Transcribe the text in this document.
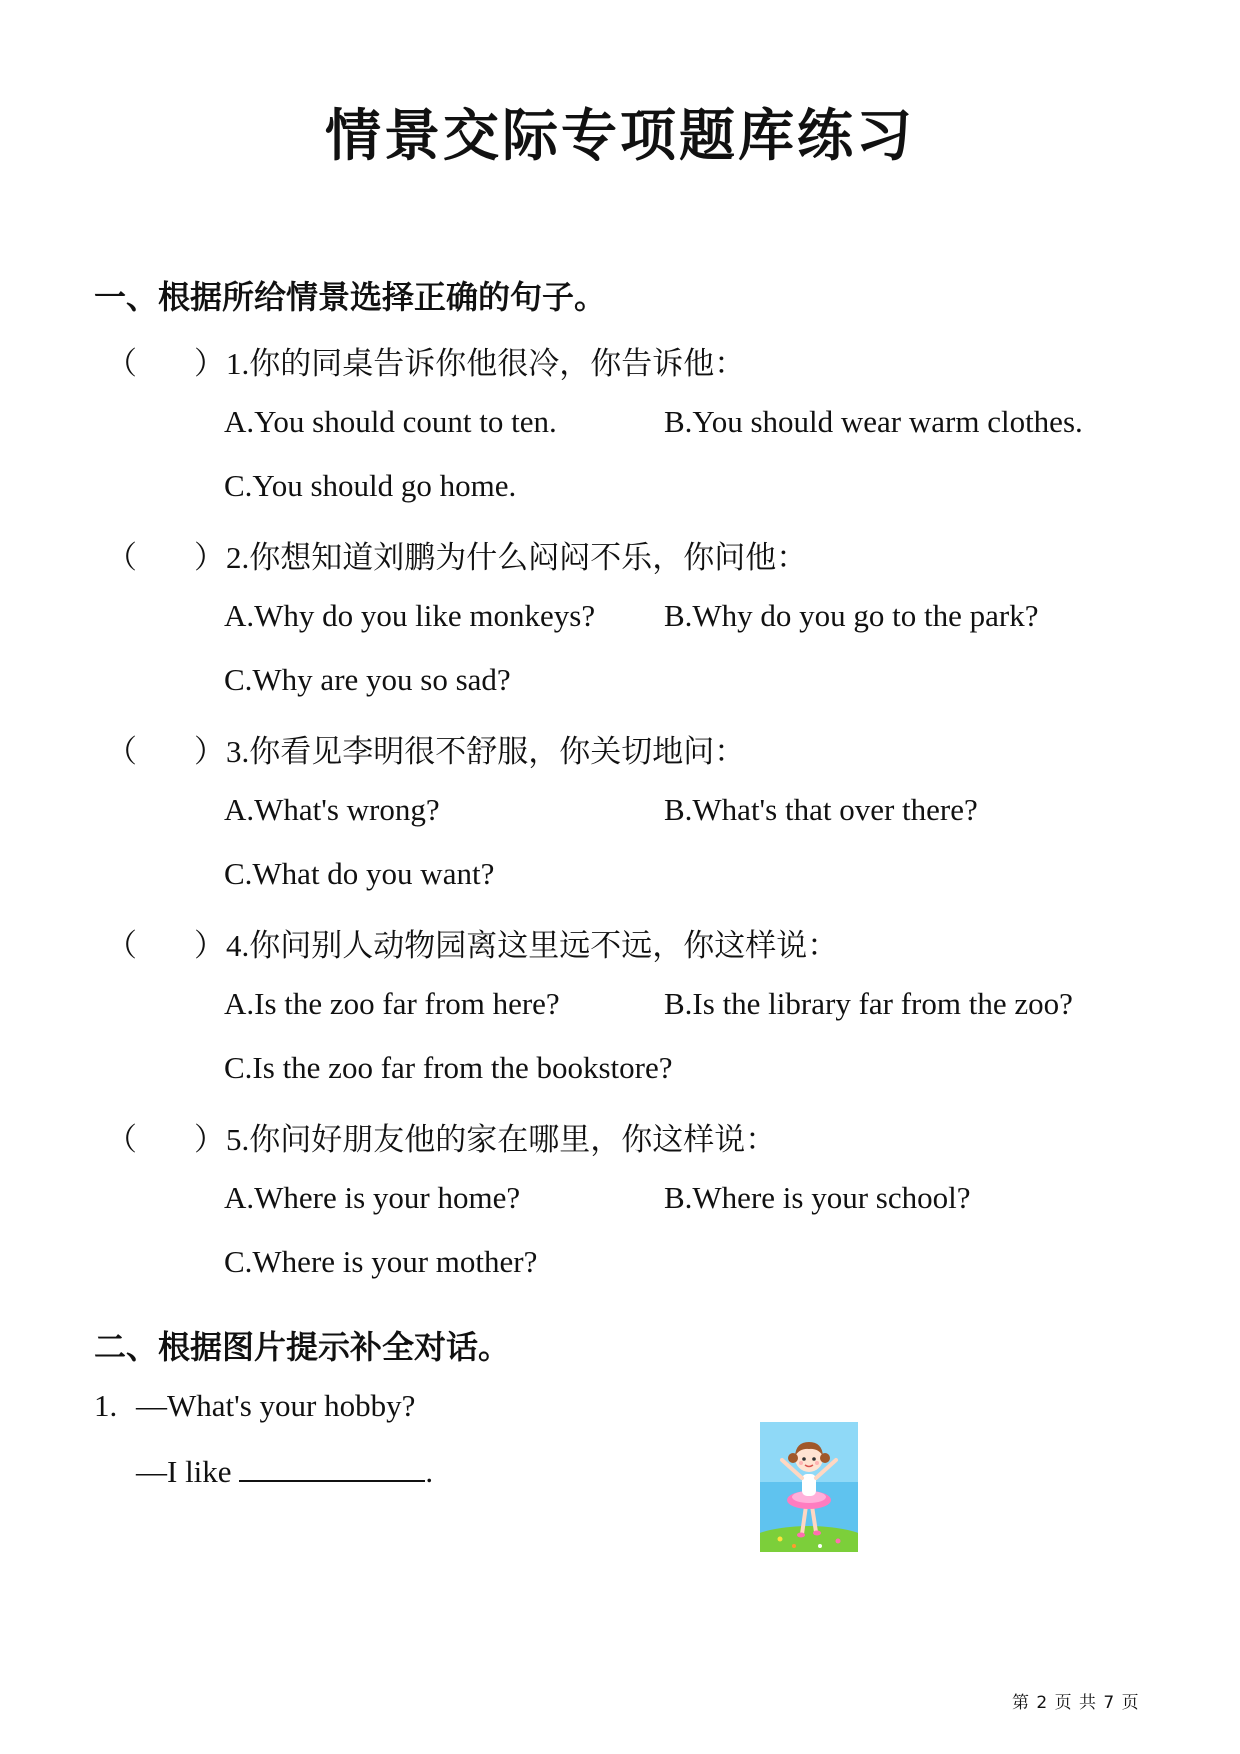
情景交际专项题库练习
一、根据所给情景选择正确的句子。
（ ） 1.你的同桌告诉你他很冷，你告诉他：
A.You should count to ten.	B.You should wear warm clothes.
C.You should go home.
（ ） 2.你想知道刘鹏为什么闷闷不乐，你问他：
A.Why do you like monkeys? B.Why do you go to the park?
C.Why are you so sad?
（ ） 3.你看见李明很不舒服，你关切地问：
A.What's wrong?	B.What's that over there?
C.What do you want?
（ ） 4.你问别人动物园离这里远不远，你这样说：
A.Is the zoo far from here?	B.Is the library far from the zoo?
C.Is the zoo far from the bookstore?
（ ） 5.你问好朋友他的家在哪里，你这样说：
A.Where is your home?	B.Where is your school?
C.Where is your mother?
二、根据图片提示补全对话。
1. —What's your hobby?
—I like	.
第 2 页 共 7 页
